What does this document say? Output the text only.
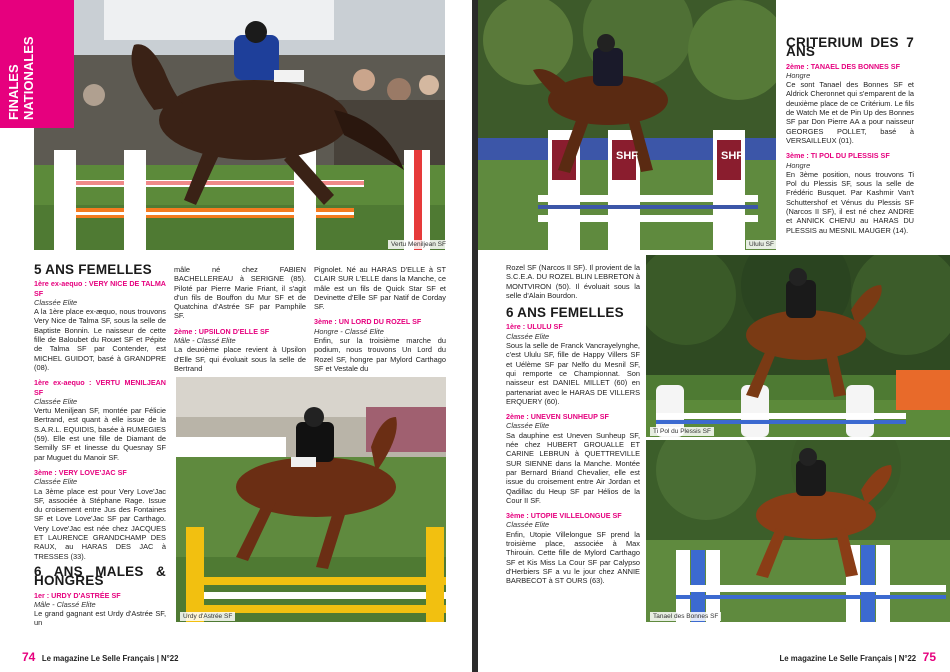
Vertu Meniljean SF
FINALES NATIONALES
5 ANS FEMELLES

1ère ex-aequo : VERY NICE DE TALMA SF
Classée Elite
A la 1ère place ex-æquo, nous trouvons Very Nice de Talma SF, sous la selle de Baptiste Bonnin. Le naisseur de cette fille de Baloubet du Rouet SF et Pépite de Talma SF par Contender, est MICHEL GUIDOT, basé à GRANDPRE (08).

1ère ex-aequo : VERTU MENILJEAN SF
Classée Elite
Vertu Meniljean SF, montée par Félicie Bertrand, est quant à elle issue de la S.A.R.L. EQUIDIS, basée à RUMEGIES (59). Elle est une fille de Diamant de Semilly SF et Iinesse du Quesnay SF par Muguet du Manoir SF.

3ème : VERY LOVE'JAC SF
Classée Elite
La 3ème place est pour Very Love'Jac SF, associée à Stéphane Rage. Issue du croisement entre Jus des Fontaines SF et Love Love'Jac SF par Carthago. Very Love'Jac est née chez JACQUES ET LAURENCE GRANDCHAMP DES RAUX, au HARAS DES JAC à TRESSES (33).

6 ANS MALES & HONGRES

1er : URDY D'ASTRÉE SF
Mâle - Classé Elite
Le grand gagnant est Urdy d'Astrée SF, un

mâle né chez FABIEN BACHELLEREAU à SERIGNE (85). Piloté par Pierre Marie Friant, il s'agit d'un fils de Bouffon du Mur SF et de Quatchina d'Astrée SF par Pamphile SF.

2ème : UPSILON D'ELLE SF
Mâle - Classé Elite
La deuxième place revient à Upsilon d'Elle SF, qui évoluait sous la selle de Bertrand

Pignolet. Né au HARAS D'ELLE à ST CLAIR SUR L'ELLE dans la Manche, ce mâle est un fils de Quick Star SF et Devinette d'Elle SF par Natif de Corday SF.

3ème : UN LORD DU ROZEL SF
Hongre - Classé Elite
Enfin, sur la troisième marche du podium, nous trouvons Un Lord du Rozel SF, hongre par Mylord Carthago SF et Vestale du

Urdy d'Astrée SF
74 Le magazine Le Selle Français | N°22
SHF	SHF
Ululu SF
CRITERIUM DES 7 ANS

2ème : TANAEL DES BONNES SF
Hongre
Ce sont Tanael des Bonnes SF et Aldrick Cheronnet qui s'emparent de la deuxième place de ce Critérium. Le fils de Watch Me et de Pin Up des Bonnes SF par Don Pierre AA a pour naisseur GEORGES POLLET, basé à VERSAILLEUX (01).

3ème : TI POL DU PLESSIS SF
Hongre
En 3ème position, nous trouvons Ti Pol du Plessis SF, sous la selle de Frédéric Busquet. Par Kashmir Van't Schuttershof et Vénus du Plessis SF (Narcos II SF), il est né chez ANDRE et ANNICK CHENU au HARAS DU PLESSIS au MESNIL MAUGER (14).

Rozel SF (Narcos II SF). Il provient de la S.C.E.A. DU ROZEL BLIN LEBRETON à MONTVIRON (50). Il évoluait sous la selle d'Alain Bourdon.

6 ANS FEMELLES

1ère : ULULU SF
Classée Elite
Sous la selle de Franck Vancrayelynghe, c'est Ululu SF, fille de Happy Villers SF et Uélème SF par Nelfo du Mesnil SF, qui remporte ce Championnat. Son naisseur est DANIEL MILLET (60) en partenariat avec le HARAS DE VILLERS ERQUERY (60).

2ème : UNEVEN SUNHEUP SF
Classée Elite
Sa dauphine est Uneven Sunheup SF, née chez HUBERT GROUALLE ET CARINE LEBRUN à QUETTREVILLE SUR SIENNE dans la Manche. Montée par Bernard Briand Chevalier, elle est issue du croisement entre Air Jordan et Qadillac du Heup SF par Hélios de la Cour II SF.

3ème : UTOPIE VILLELONGUE SF
Classée Elite
Enfin, Utopie Villelongue SF prend la troisième place, associée à Max Thirouin. Cette fille de Mylord Carthago SF et Kis Miss La Cour SF par Calypso d'Herbiers SF a vu le jour chez ANNIE BARBECOT à ST OURS (63).

Ti Pol du Plessis SF
Tanael des Bonnes SF
Le magazine Le Selle Français | N°22 75
